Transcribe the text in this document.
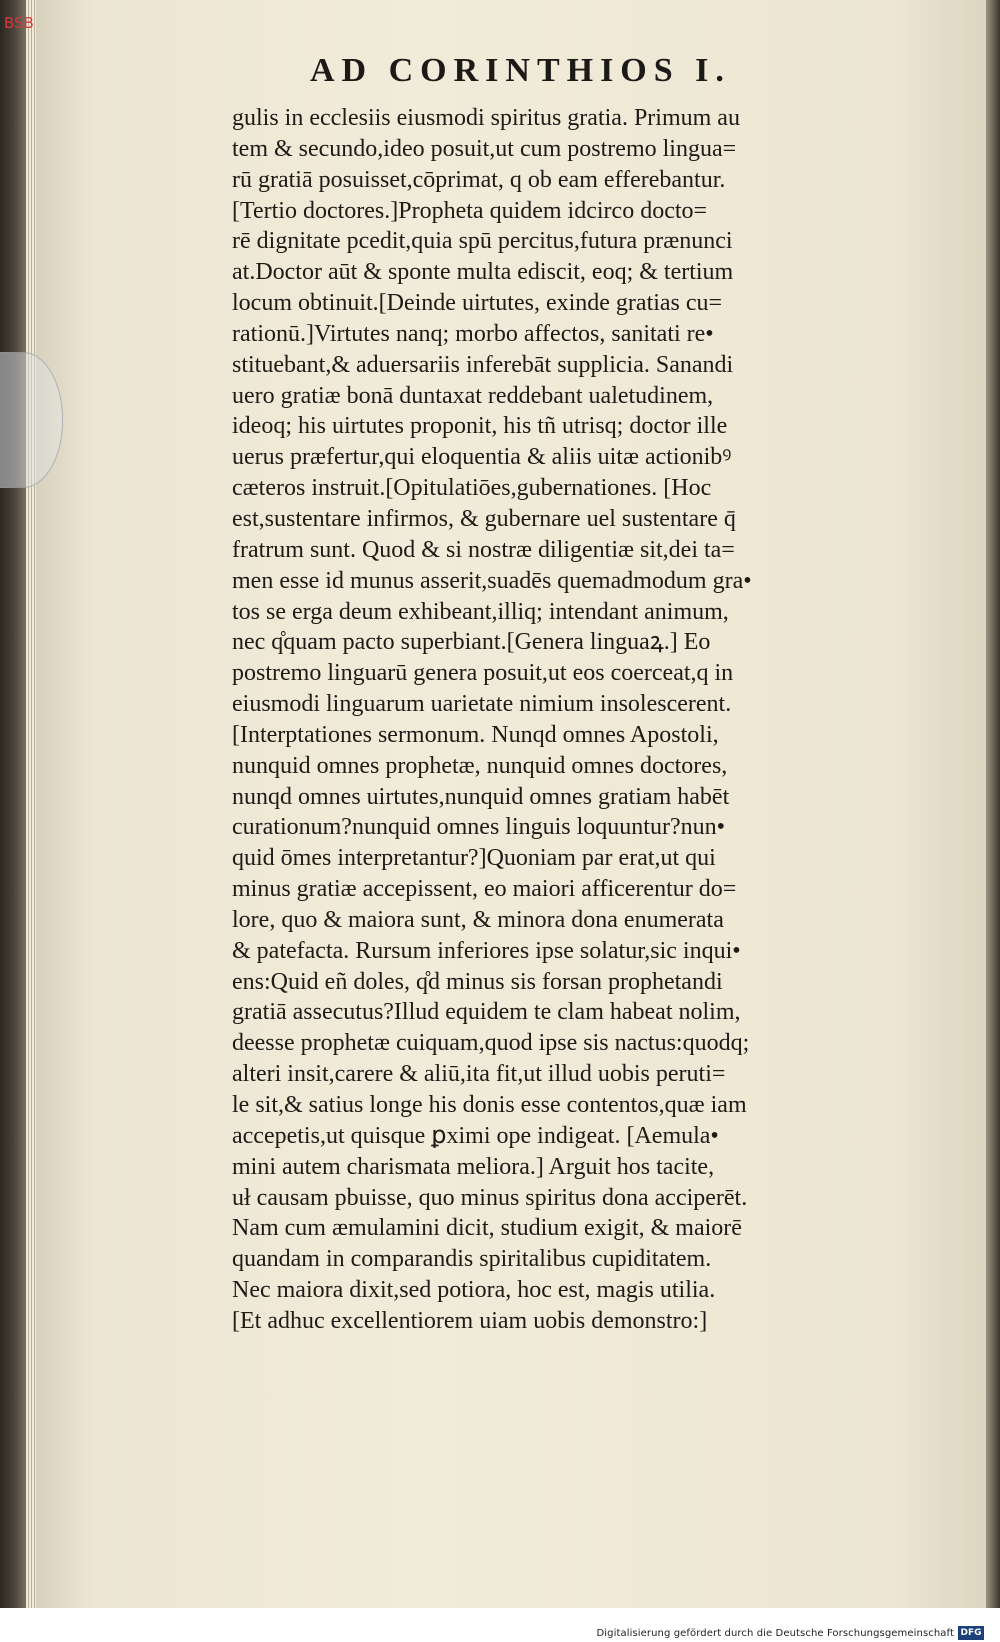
BSB
AD CORINTHIOS I.
gulis in ecclesiis eiusmodi spiritus gratia. Primum au
tem & secundo,ideo posuit,ut cum postremo lingua=
rū gratiā posuisset,cōprimat, q ob eam efferebantur.
[Tertio doctores.]Propheta quidem idcirco docto=
rē dignitate pcedit,quia spū percitus,futura prænunci
at.Doctor aūt & sponte multa ediscit, eoq; & tertium
locum obtinuit.[Deinde uirtutes, exinde gratias cu=
rationū.]Virtutes nanq; morbo affectos, sanitati re•
stituebant,& aduersariis inferebāt supplicia. Sanandi
uero gratiæ bonā duntaxat reddebant ualetudinem,
ideoq; his uirtutes proponit, his tñ utrisq; doctor ille
uerus præfertur,qui eloquentia & aliis uitæ actionibꝰ
cæteros instruit.[Opitulatiōes,gubernationes. [Hoc
est,sustentare infirmos, & gubernare uel sustentare q̄
fratrum sunt. Quod & si nostræ diligentiæ sit,dei ta=
men esse id munus asserit,suadēs quemadmodum gra•
tos se erga deum exhibeant,illiq; intendant animum,
nec q̊quam pacto superbiant.[Genera linguaꝝ.] Eo
postremo linguarū genera posuit,ut eos coerceat,q in
eiusmodi linguarum uarietate nimium insolescerent.
[Interptationes sermonum. Nunqd omnes Apostoli,
nunquid omnes prophetæ, nunquid omnes doctores,
nunqd omnes uirtutes,nunquid omnes gratiam habēt
curationum?nunquid omnes linguis loquuntur?nun•
quid ōmes interpretantur?]Quoniam par erat,ut qui
minus gratiæ accepissent, eo maiori afficerentur do=
lore, quo & maiora sunt, & minora dona enumerata
& patefacta. Rursum inferiores ipse solatur,sic inqui•
ens:Quid eñ doles, q̊d minus sis forsan prophetandi
gratiā assecutus?Illud equidem te clam habeat nolim,
deesse prophetæ cuiquam,quod ipse sis nactus:quodq;
alteri insit,carere & aliū,ita fit,ut illud uobis peruti=
le sit,& satius longe his donis esse contentos,quæ iam
accepetis,ut quisque ꝑximi ope indigeat. [Aemula•
mini autem charismata meliora.] Arguit hos tacite,
uł causam pbuisse, quo minus spiritus dona acciperēt.
Nam cum æmulamini dicit, studium exigit, & maiorē
quandam in comparandis spiritalibus cupiditatem.
Nec maiora dixit,sed potiora, hoc est, magis utilia.
[Et adhuc excellentiorem uiam uobis demonstro:]
Digitalisierung gefördert durch die Deutsche Forschungsgemeinschaft DFG
